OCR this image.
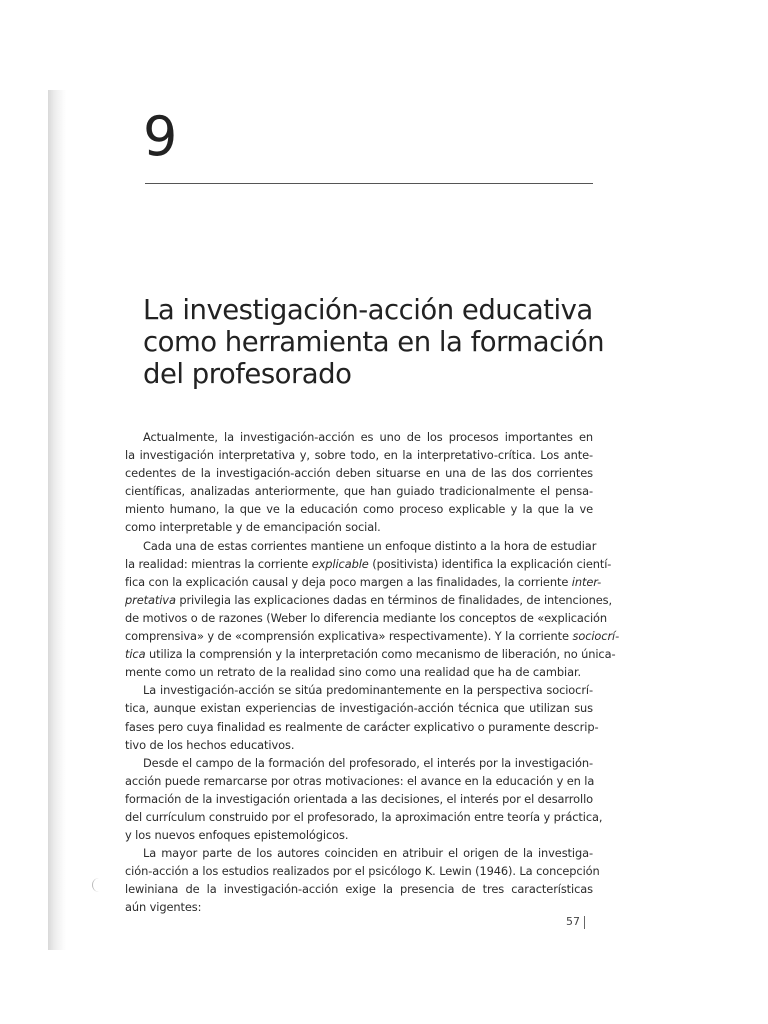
9
La investigación-acción educativa
como herramienta en la formación
del profesorado
Actualmente, la investigación-acción es uno de los procesos importantes en
la investigación interpretativa y, sobre todo, en la interpretativo-crítica. Los ante-
cedentes de la investigación-acción deben situarse en una de las dos corrientes
científicas, analizadas anteriormente, que han guiado tradicionalmente el pensa-
miento humano, la que ve la educación como proceso explicable y la que la ve
como interpretable y de emancipación social.
Cada una de estas corrientes mantiene un enfoque distinto a la hora de estudiar
la realidad: mientras la corriente explicable (positivista) identifica la explicación cientí-
fica con la explicación causal y deja poco margen a las finalidades, la corriente inter-
pretativa privilegia las explicaciones dadas en términos de finalidades, de intenciones,
de motivos o de razones (Weber lo diferencia mediante los conceptos de «explicación
comprensiva» y de «comprensión explicativa» respectivamente). Y la corriente sociocrí-
tica utiliza la comprensión y la interpretación como mecanismo de liberación, no única-
mente como un retrato de la realidad sino como una realidad que ha de cambiar.
La investigación-acción se sitúa predominantemente en la perspectiva sociocrí-
tica, aunque existan experiencias de investigación-acción técnica que utilizan sus
fases pero cuya finalidad es realmente de carácter explicativo o puramente descrip-
tivo de los hechos educativos.
Desde el campo de la formación del profesorado, el interés por la investigación-
acción puede remarcarse por otras motivaciones: el avance en la educación y en la
formación de la investigación orientada a las decisiones, el interés por el desarrollo
del currículum construido por el profesorado, la aproximación entre teoría y práctica,
y los nuevos enfoques epistemológicos.
La mayor parte de los autores coinciden en atribuir el origen de la investiga-
ción-acción a los estudios realizados por el psicólogo K. Lewin (1946). La concepción
lewiniana de la investigación-acción exige la presencia de tres características
aún vigentes:
57
